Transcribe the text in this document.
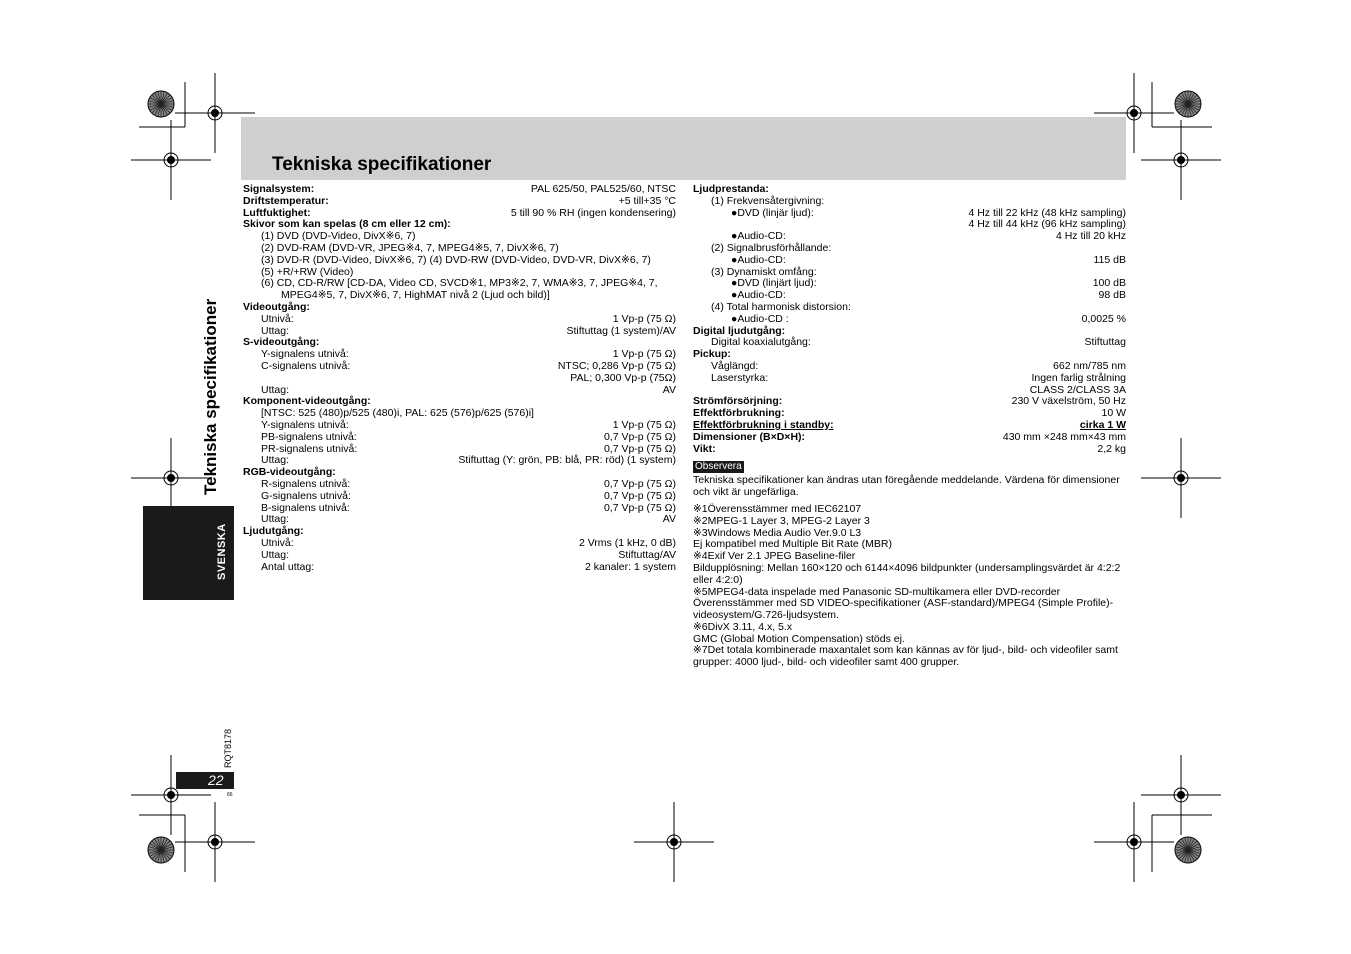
Tekniska specifikationer
Tekniska specifikationer
SVENSKA
RQT8178
22
66
Signalsystem:	PAL 625/50, PAL525/60, NTSC
Driftstemperatur:	+5 till+35 °C
Luftfuktighet:	5 till 90 % RH (ingen kondensering)
Skivor som kan spelas (8 cm eller 12 cm):
(1) DVD (DVD-Video, DivX※6, 7)
(2) DVD-RAM (DVD-VR, JPEG※4, 7, MPEG4※5, 7, DivX※6, 7)
(3) DVD-R (DVD-Video, DivX※6, 7) (4) DVD-RW (DVD-Video, DVD-VR, DivX※6, 7)
(5) +R/+RW (Video)
(6) CD, CD-R/RW [CD-DA, Video CD, SVCD※1, MP3※2, 7, WMA※3, 7, JPEG※4, 7,
MPEG4※5, 7, DivX※6, 7, HighMAT nivå 2 (Ljud och bild)]
Videoutgång:
Utnivå:	1 Vp-p (75 Ω)
Uttag:	Stiftuttag (1 system)/AV
S-videoutgång:
Y-signalens utnivå:	1 Vp-p (75 Ω)
C-signalens utnivå:	NTSC; 0,286 Vp-p (75 Ω)
PAL; 0,300 Vp-p (75Ω)
Uttag:	AV
Komponent-videoutgång:
[NTSC: 525 (480)p/525 (480)i, PAL: 625 (576)p/625 (576)i]
Y-signalens utnivå:	1 Vp-p (75 Ω)
PB-signalens utnivå:	0,7 Vp-p (75 Ω)
PR-signalens utnivå:	0,7 Vp-p (75 Ω)
Uttag:	Stiftuttag (Y: grön, PB: blå, PR: röd) (1 system)
RGB-videoutgång:
R-signalens utnivå:	0,7 Vp-p (75 Ω)
G-signalens utnivå:	0,7 Vp-p (75 Ω)
B-signalens utnivå:	0,7 Vp-p (75 Ω)
Uttag:	AV
Ljudutgång:
Utnivå:	2 Vrms (1 kHz, 0 dB)
Uttag:	Stiftuttag/AV
Antal uttag:	2 kanaler: 1 system
Ljudprestanda:
(1) Frekvensåtergivning:
●DVD (linjär ljud):	4 Hz till 22 kHz (48 kHz sampling)
4 Hz till 44 kHz (96 kHz sampling)
●Audio-CD:	4 Hz till 20 kHz
(2) Signalbrusförhållande:
●Audio-CD:	115 dB
(3) Dynamiskt omfång:
●DVD (linjärt ljud):	100 dB
●Audio-CD:	98 dB
(4) Total harmonisk distorsion:
●Audio-CD :	0,0025 %
Digital ljudutgång:
Digital koaxialutgång:	Stiftuttag
Pickup:
Våglängd:	662 nm/785 nm
Laserstyrka:	Ingen farlig strålning
CLASS 2/CLASS 3A
Strömförsörjning:	230 V växelström, 50 Hz
Effektförbrukning:	10 W
Effektförbrukning i standby:	cirka 1 W
Dimensioner (B×D×H):	430 mm ×248 mm×43 mm
Vikt:	2,2 kg
Observera
Tekniska specifikationer kan ändras utan föregående meddelande. Värdena för dimensioner och vikt är ungefärliga.
※1Överensstämmer med IEC62107
※2MPEG-1 Layer 3, MPEG-2 Layer 3
※3Windows Media Audio Ver.9.0 L3
Ej kompatibel med Multiple Bit Rate (MBR)
※4Exif Ver 2.1 JPEG Baseline-filer
Bildupplösning: Mellan 160×120 och 6144×4096 bildpunkter (undersamplingsvärdet är 4:2:2 eller 4:2:0)
※5MPEG4-data inspelade med Panasonic SD-multikamera eller DVD-recorder
Överensstämmer med SD VIDEO-specifikationer (ASF-standard)/MPEG4 (Simple Profile)-videosystem/G.726-ljudsystem.
※6DivX 3.11, 4.x, 5.x
GMC (Global Motion Compensation) stöds ej.
※7Det totala kombinerade maxantalet som kan kännas av för ljud-, bild- och videofiler samt grupper: 4000 ljud-, bild- och videofiler samt 400 grupper.
